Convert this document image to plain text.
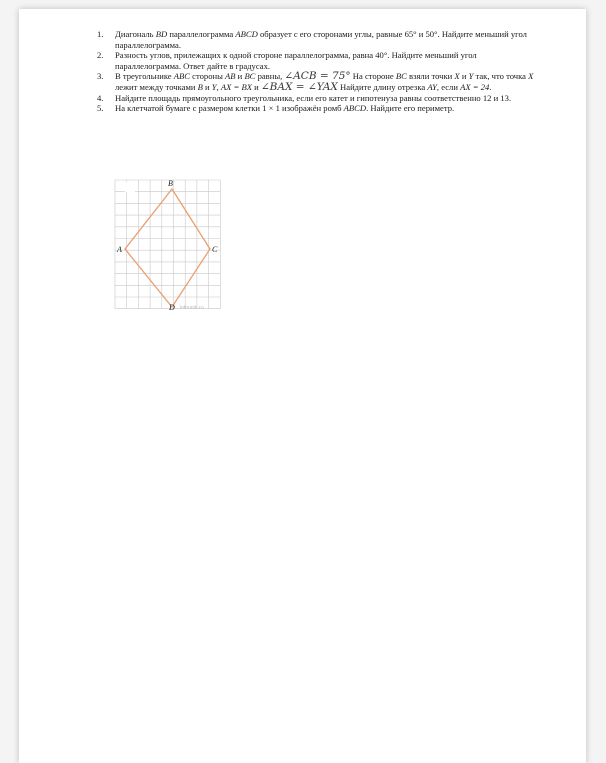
1. Диагональ BD параллелограмма ABCD образует с его сторонами углы, равные 65° и 50°. Найдите меньший угол параллелограмма.
2. Разность углов, прилежащих к одной стороне параллелограмма, равна 40°. Найдите меньший угол параллелограмма. Ответ дайте в градусах.
3. В треугольнике ABC стороны AB и BC равны, ∠ACB = 75° На стороне BC взяли точки X и Y так, что точка X лежит между точками B и Y, AX = BX и ∠BAX = ∠YAX Найдите длину отрезка AY, если AX = 24.
4. Найдите площадь прямоугольного треугольника, если его катет и гипотенуза равны соответственно 12 и 13.
5. На клетчатой бумаге с размером клетки 1 × 1 изображён ромб ABCD. Найдите его периметр.
B
A	C
D i̇nfourok.ru
